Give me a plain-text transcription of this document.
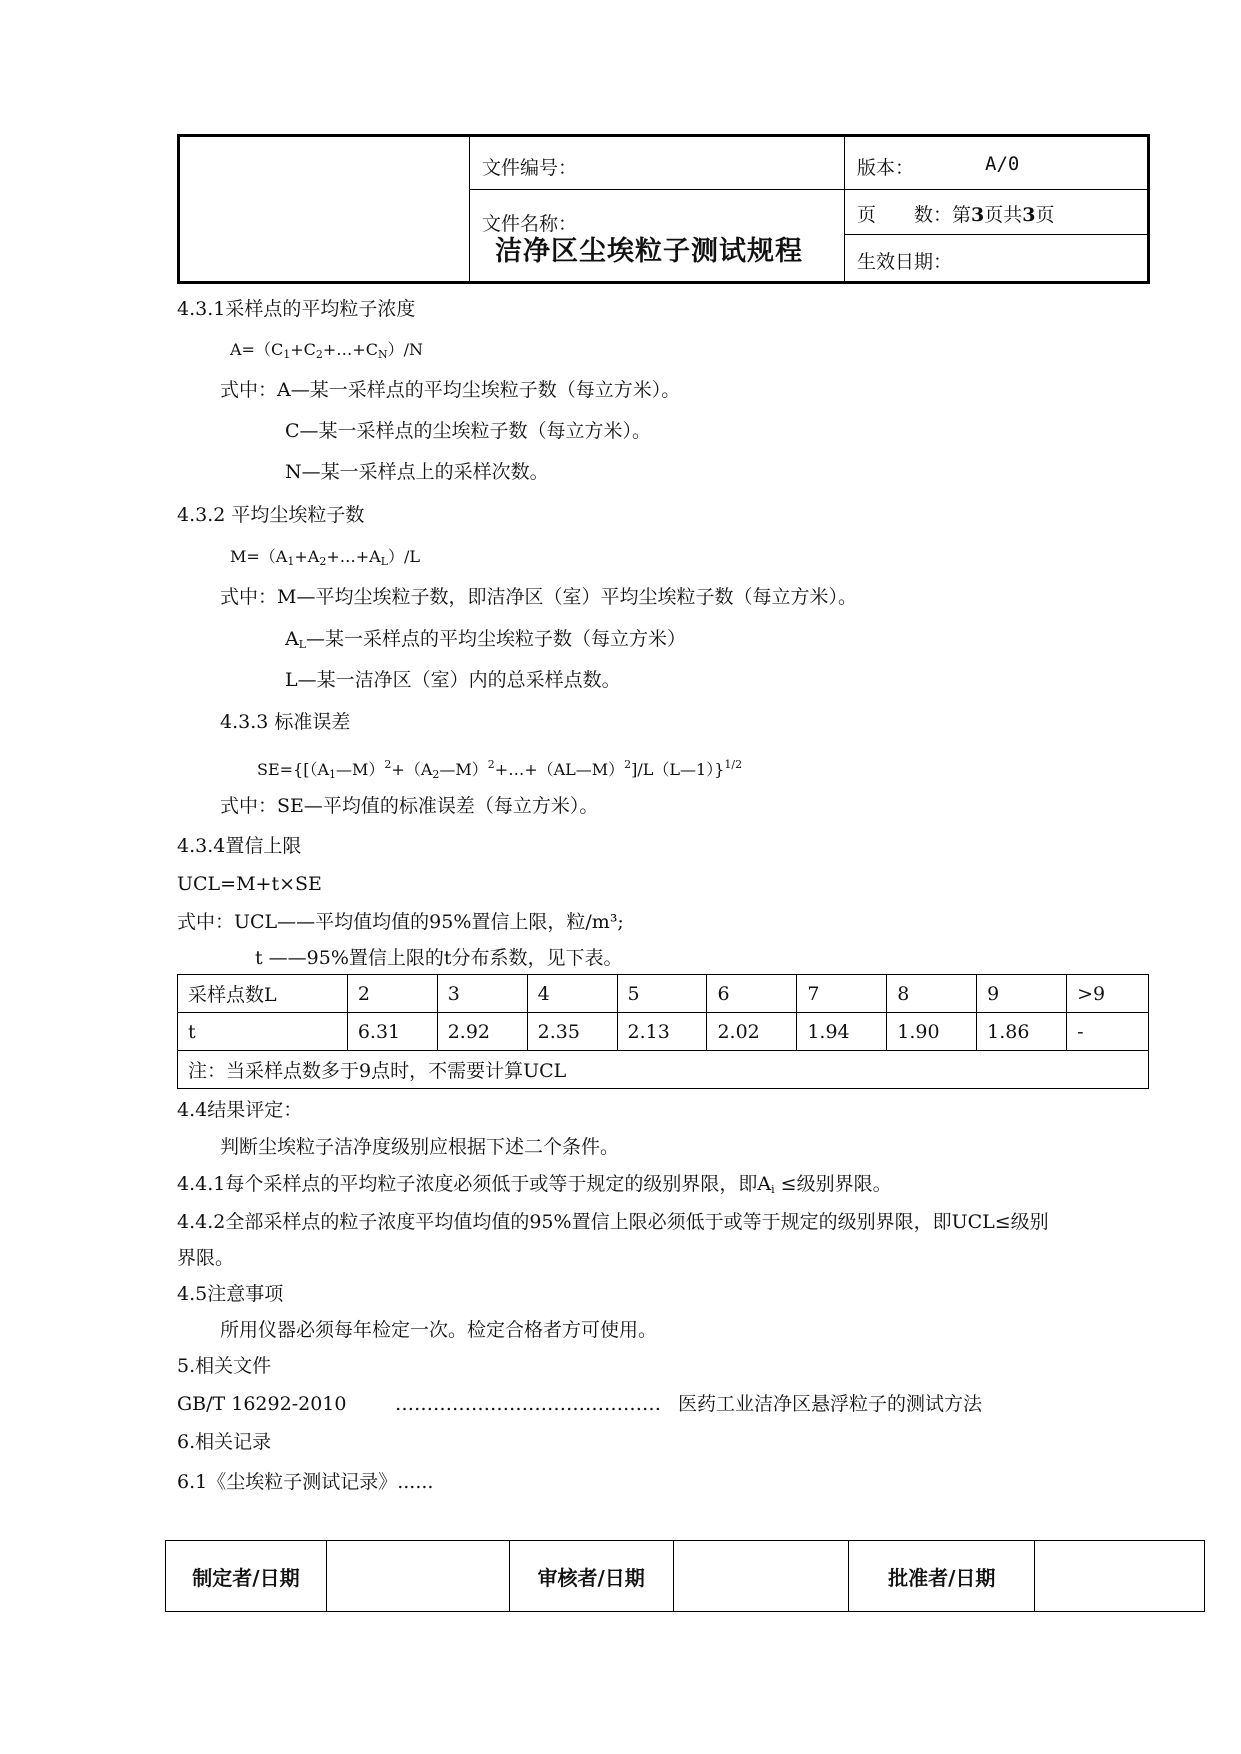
文件编号：
文件名称：
洁净区尘埃粒子测试规程
版本：	A/0
页　　数：第3页共3页
生效日期：
4.3.1采样点的平均粒子浓度
$A=(C_1+C_2+\dots+C_N)/N$
式中：A—某一采样点的平均尘埃粒子数（每立方米）。
C—某一采样点的尘埃粒子数（每立方米）。
N—某一采样点上的采样次数。
4.3.2 平均尘埃粒子数
$M=(A_1+A_2+\dots+A_L)/L$
式中：M—平均尘埃粒子数，即洁净区（室）平均尘埃粒子数（每立方米）。
$A_L—$某一采样点的平均尘埃粒子数（每立方米）
L—某一洁净区（室）内的总采样点数。
4.3.3 标准误差
$SE=\{[(A_1—M)^2+(A_2—M)^2+\dots+(AL—M)^2]/L(L—1)\}^{1/2}$
式中：SE—平均值的标准误差（每立方米）。
4.3.4置信上限
UCL=M+t×SE
式中：UCL——平均值均值的95%置信上限，粒/m³;
t ——95%置信上限的t分布系数，见下表。
采样点数L	2	3	4	5	6	7	8	9	>9
t	6.31	2.92	2.35	2.13	2.02	1.94	1.90	1.86	-
注：当采样点数多于9点时，不需要计算UCL									
4.4结果评定：
判断尘埃粒子洁净度级别应根据下述二个条件。
4.4.1每个采样点的平均粒子浓度必须低于或等于规定的级别界限，即$A_i$ ≤级别界限。
4.4.2全部采样点的粒子浓度平均值均值的95%置信上限必须低于或等于规定的级别界限，即UCL≤级别
界限。
4.5注意事项
所用仪器必须每年检定一次。检定合格者方可使用。
5.相关文件
GB/T 16292-2010	…………………………………… 医药工业洁净区悬浮粒子的测试方法
6.相关记录
6.1《尘埃粒子测试记录》......
制定者/日期		审核者/日期		批准者/日期	
